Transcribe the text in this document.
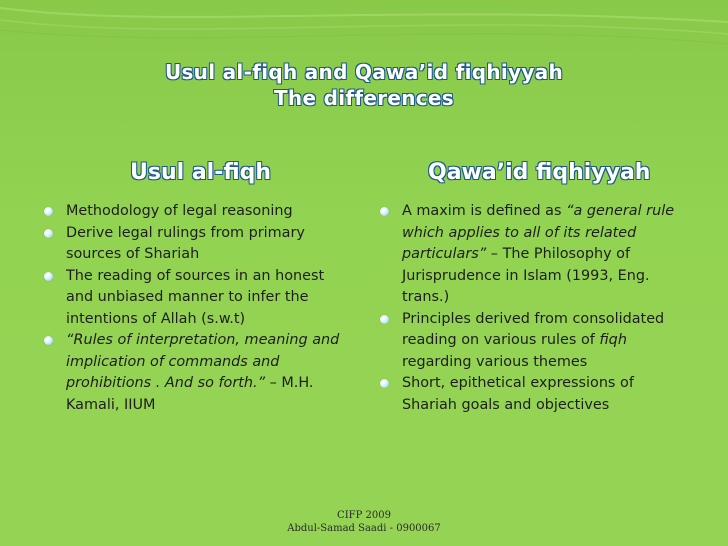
Usul al-fiqh and Qawa’id fiqhiyyah
The differences
Usul al-fiqh	Qawa’id fiqhiyyah

Methodology of legal reasoning

Derive legal rulings from primary sources of Shariah

The reading of sources in an honest and unbiased manner to infer the intentions of Allah (s.w.t)

“Rules of interpretation, meaning and implication of commands and prohibitions . And so forth.” – M.H. Kamali, IIUM

A maxim is defined as “a general rule which applies to all of its related particulars” – The Philosophy of Jurisprudence in Islam (1993, Eng. trans.)

Principles derived from consolidated reading on various rules of fiqh regarding various themes

Short, epithetical expressions of Shariah goals and objectives

CIFP 2009
Abdul-Samad Saadi - 0900067
